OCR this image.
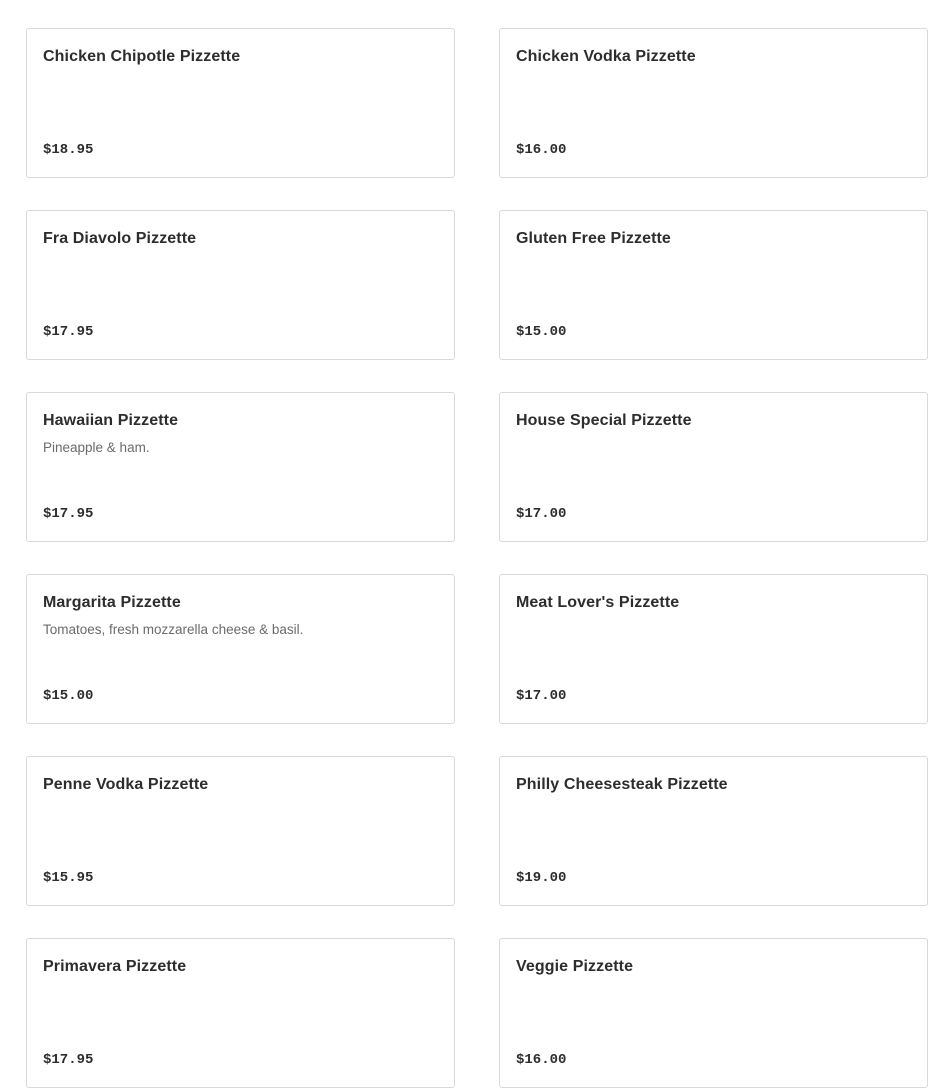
Chicken Chipotle Pizzette
$18.95
Chicken Vodka Pizzette
$16.00
Fra Diavolo Pizzette
$17.95
Gluten Free Pizzette
$15.00
Hawaiian Pizzette
Pineapple & ham.
$17.95
House Special Pizzette
$17.00
Margarita Pizzette
Tomatoes, fresh mozzarella cheese & basil.
$15.00
Meat Lover's Pizzette
$17.00
Penne Vodka Pizzette
$15.95
Philly Cheesesteak Pizzette
$19.00
Primavera Pizzette
$17.95
Veggie Pizzette
$16.00
